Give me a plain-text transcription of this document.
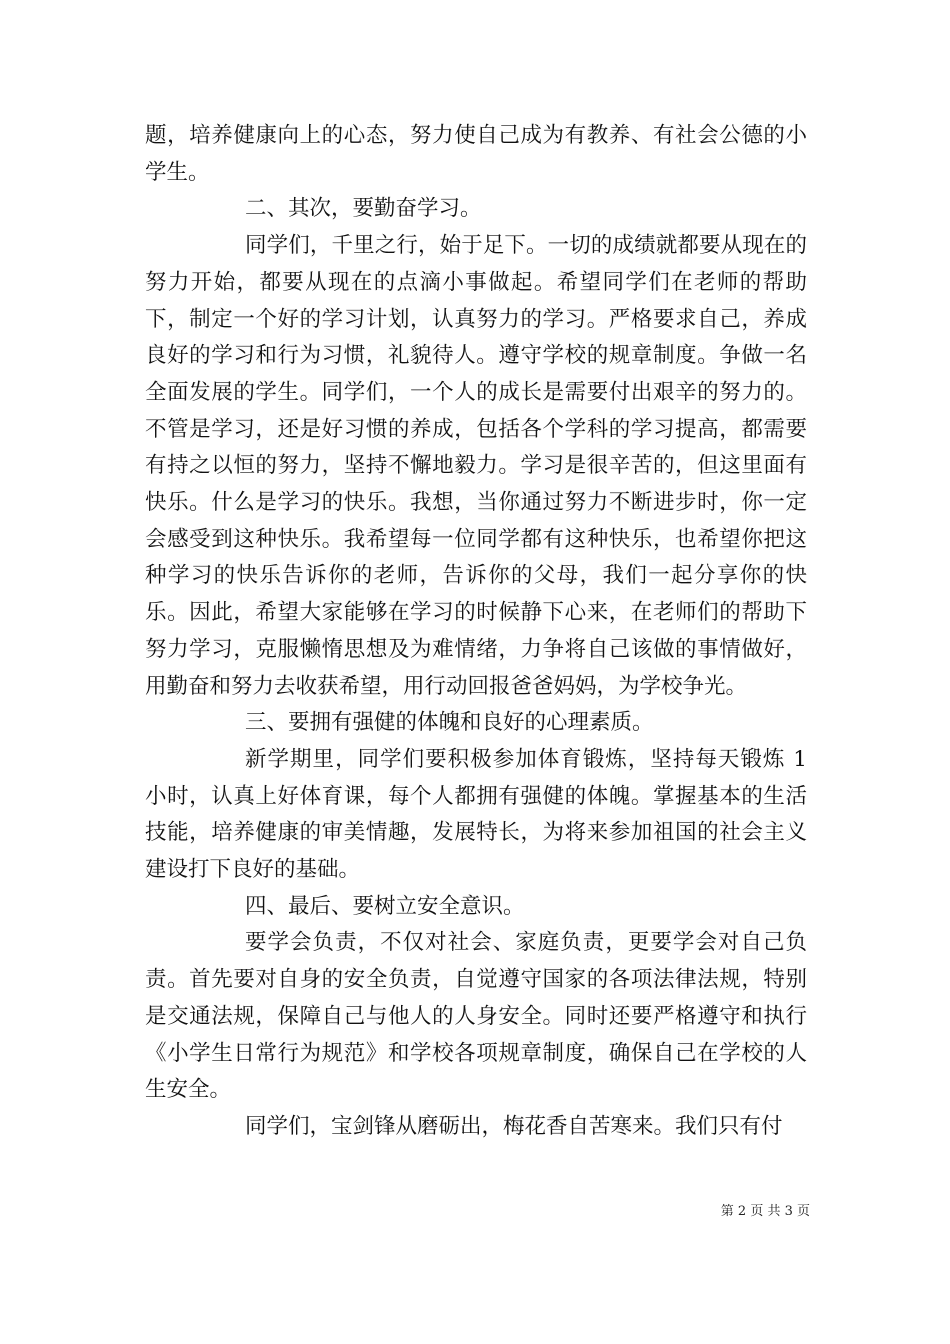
题，培养健康向上的心态，努力使自己成为有教养、有社会公德的小学生。

二、其次，要勤奋学习。

同学们，千里之行，始于足下。一切的成绩就都要从现在的努力开始，都要从现在的点滴小事做起。希望同学们在老师的帮助下，制定一个好的学习计划，认真努力的学习。严格要求自己，养成良好的学习和行为习惯，礼貌待人。遵守学校的规章制度。争做一名全面发展的学生。同学们，一个人的成长是需要付出艰辛的努力的。不管是学习，还是好习惯的养成，包括各个学科的学习提高，都需要有持之以恒的努力，坚持不懈地毅力。学习是很辛苦的，但这里面有快乐。什么是学习的快乐。我想，当你通过努力不断进步时，你一定会感受到这种快乐。我希望每一位同学都有这种快乐，也希望你把这种学习的快乐告诉你的老师，告诉你的父母，我们一起分享你的快乐。因此，希望大家能够在学习的时候静下心来，在老师们的帮助下努力学习，克服懒惰思想及为难情绪，力争将自己该做的事情做好，用勤奋和努力去收获希望，用行动回报爸爸妈妈，为学校争光。

三、要拥有强健的体魄和良好的心理素质。

新学期里，同学们要积极参加体育锻炼，坚持每天锻炼 1 小时，认真上好体育课，每个人都拥有强健的体魄。掌握基本的生活技能，培养健康的审美情趣，发展特长，为将来参加祖国的社会主义建设打下良好的基础。

四、最后、要树立安全意识。

要学会负责，不仅对社会、家庭负责，更要学会对自己负责。首先要对自身的安全负责，自觉遵守国家的各项法律法规，特别是交通法规，保障自己与他人的人身安全。同时还要严格遵守和执行《小学生日常行为规范》和学校各项规章制度，确保自己在学校的人生安全。

同学们，宝剑锋从磨砺出，梅花香自苦寒来。我们只有付

第 2 页 共 3 页
